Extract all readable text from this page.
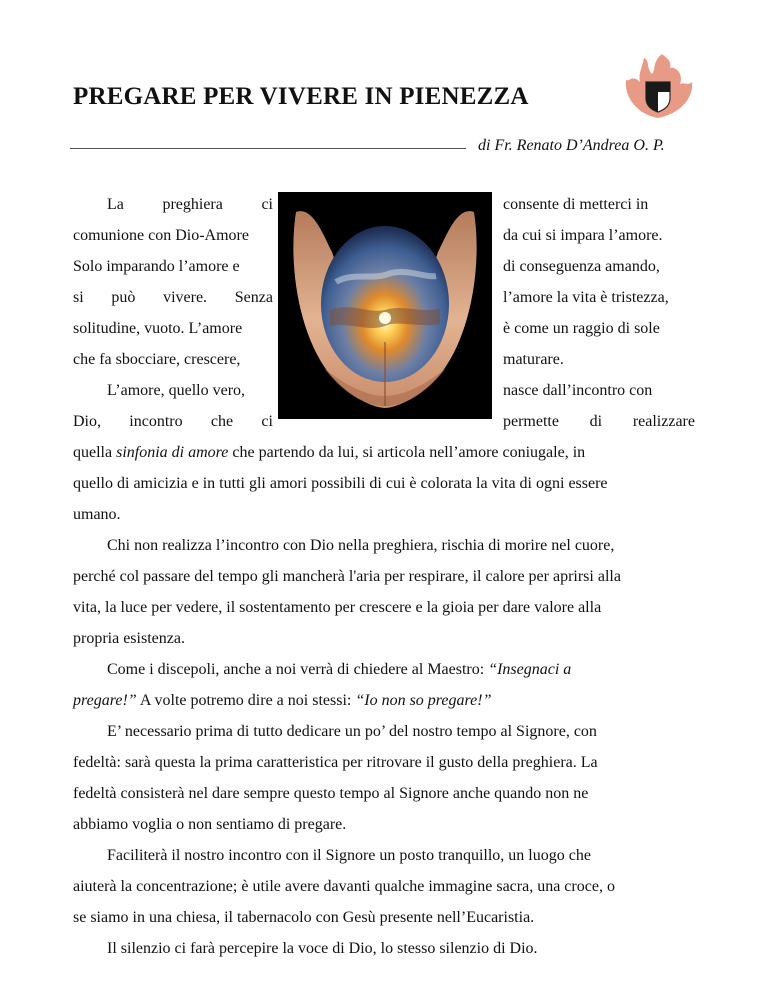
PREGARE PER VIVERE IN PIENEZZA
di Fr. Renato D’Andrea O. P.
La preghiera ci
comunione con Dio-Amore
Solo imparando l’amore e
si può vivere. Senza
solitudine, vuoto. L’amore
che fa sbocciare, crescere,
L’amore, quello vero,
Dio, incontro che ci
consente di metterci in
da cui si impara l’amore.
di conseguenza amando,
l’amore la vita è tristezza,
è come un raggio di sole
maturare.
nasce dall’incontro con
permette di realizzare
quella sinfonia di amore che partendo da lui, si articola nell’amore coniugale, in
quello di amicizia e in tutti gli amori possibili di cui è colorata la vita di ogni essere
umano.
Chi non realizza l’incontro con Dio nella preghiera, rischia di morire nel cuore,
perché col passare del tempo gli mancherà l'aria per respirare, il calore per aprirsi alla
vita, la luce per vedere, il sostentamento per crescere e la gioia per dare valore alla
propria esistenza.
Come i discepoli, anche a noi verrà di chiedere al Maestro: “Insegnaci a
pregare!” A volte potremo dire a noi stessi: “Io non so pregare!”
E’ necessario prima di tutto dedicare un po’ del nostro tempo al Signore, con
fedeltà: sarà questa la prima caratteristica per ritrovare il gusto della preghiera. La
fedeltà consisterà nel dare sempre questo tempo al Signore anche quando non ne
abbiamo voglia o non sentiamo di pregare.
Faciliterà il nostro incontro con il Signore un posto tranquillo, un luogo che
aiuterà la concentrazione; è utile avere davanti qualche immagine sacra, una croce, o
se siamo in una chiesa, il tabernacolo con Gesù presente nell’Eucaristia.
Il silenzio ci farà percepire la voce di Dio, lo stesso silenzio di Dio.
